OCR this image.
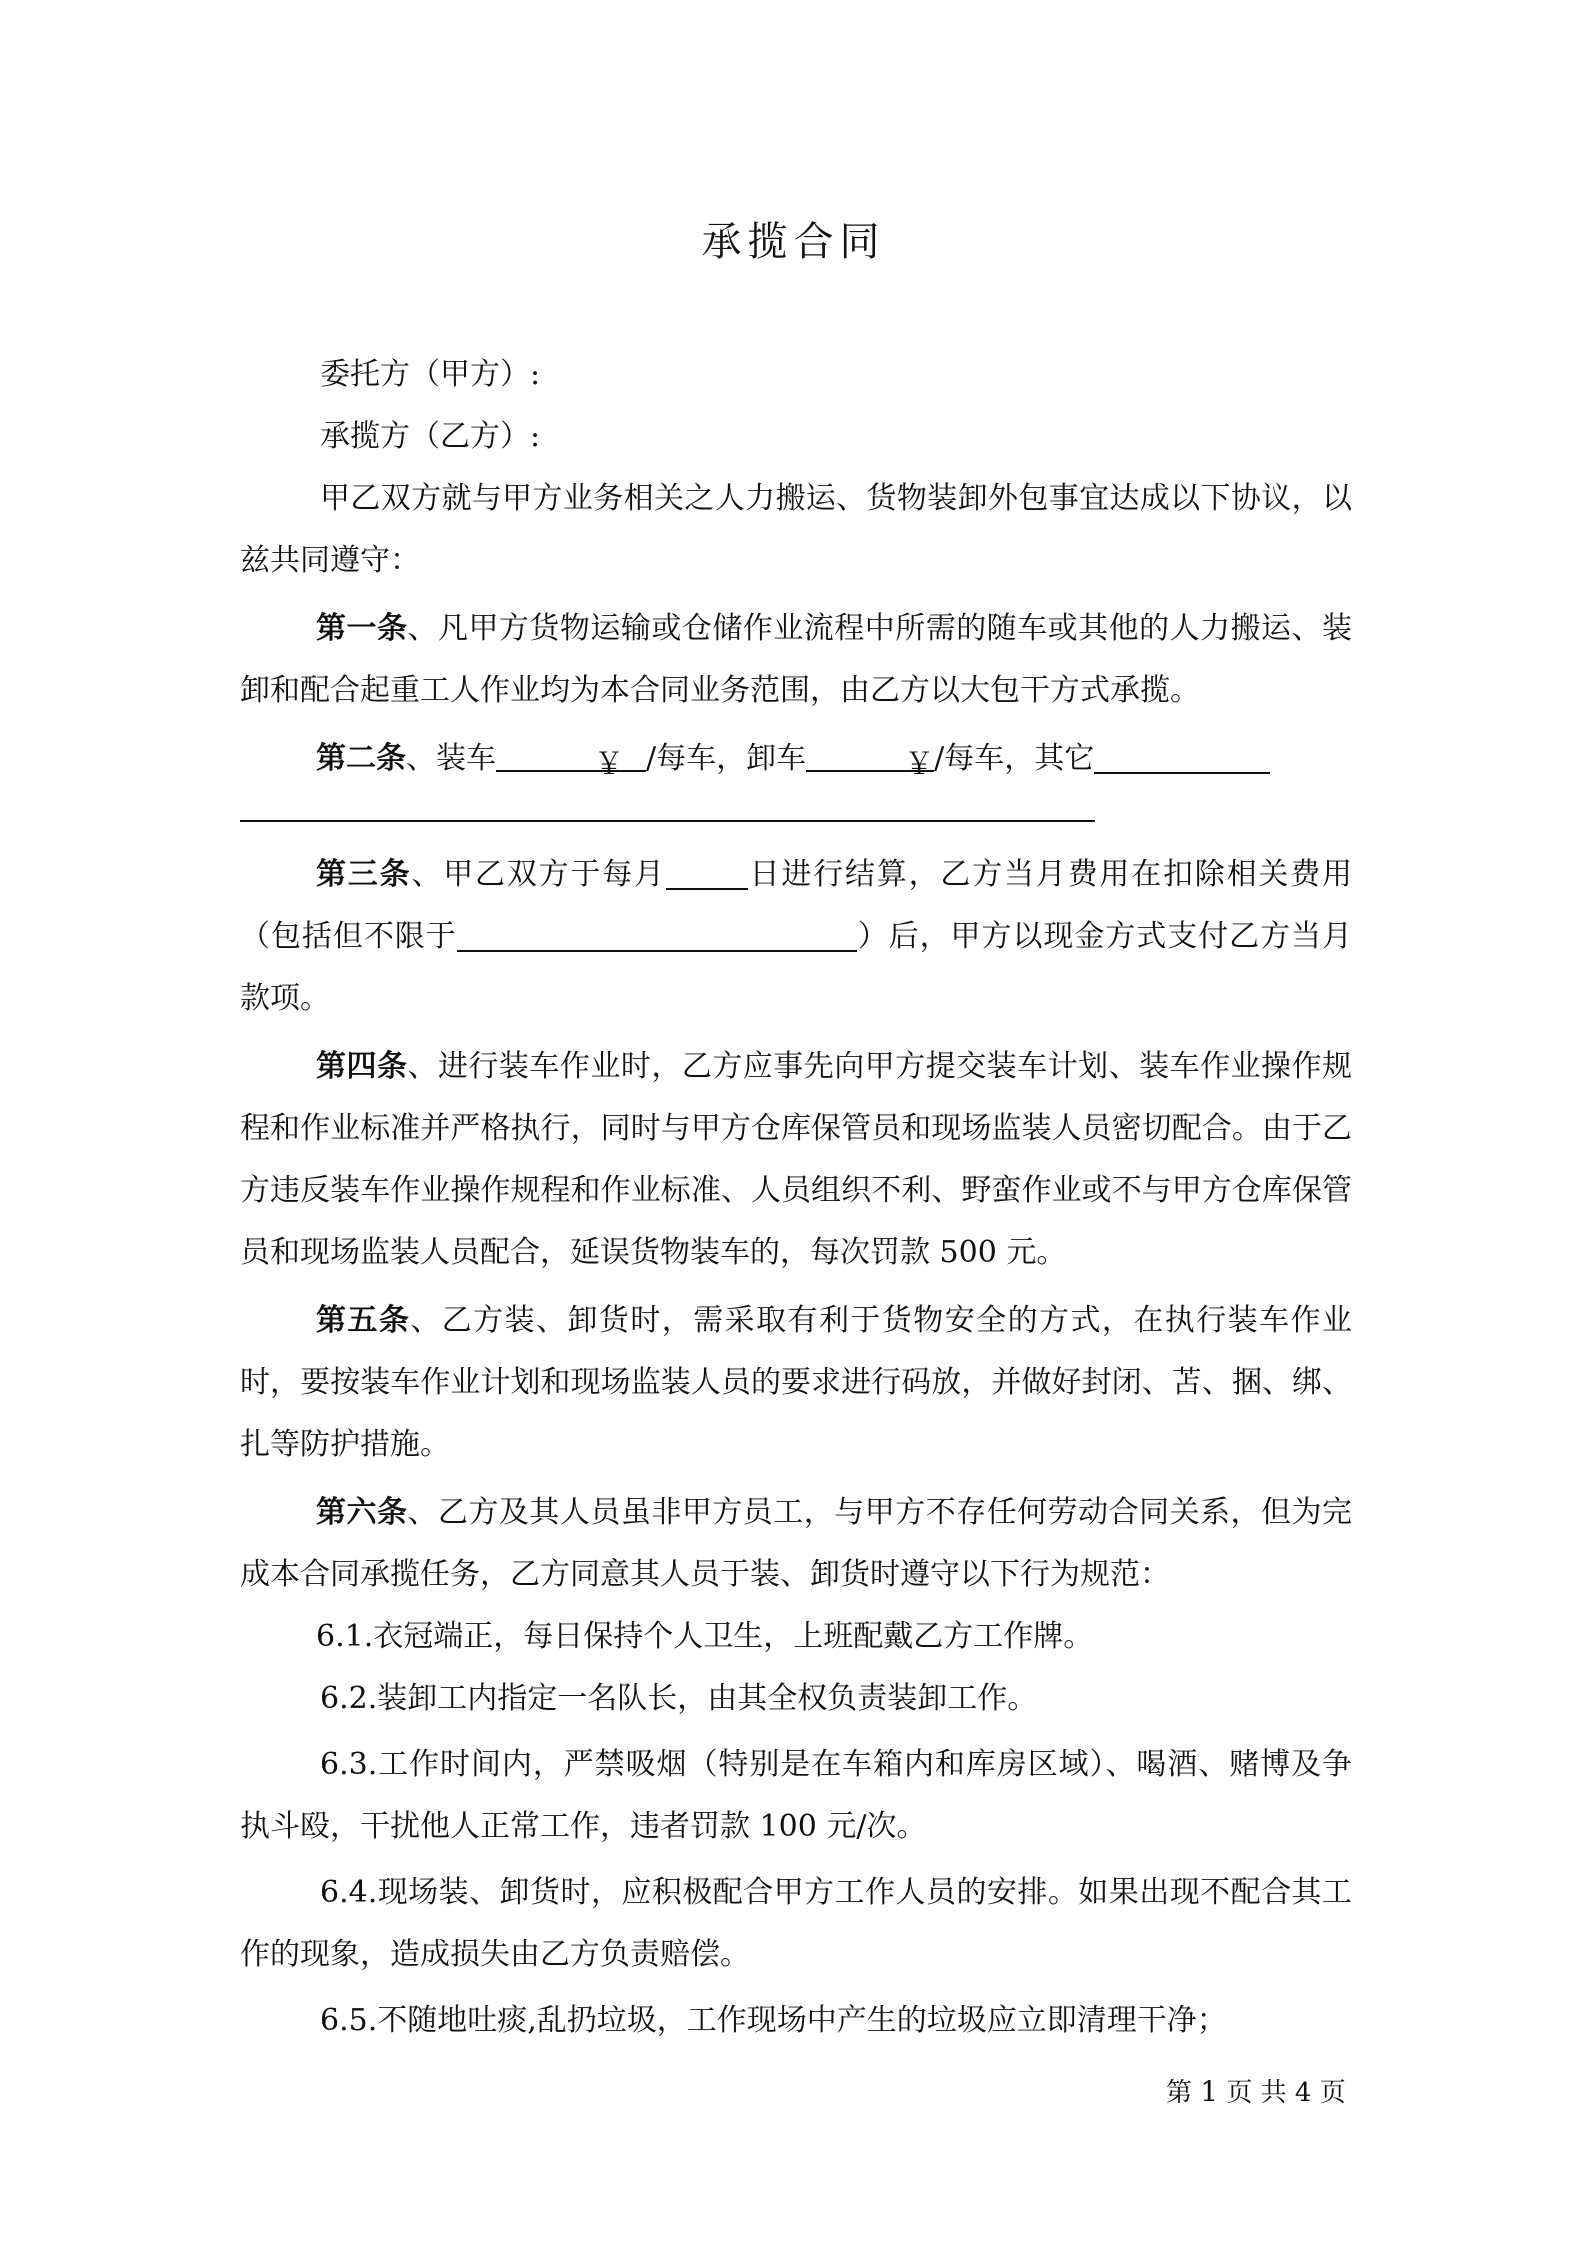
承揽合同

委托方（甲方）:

承揽方（乙方）:

甲乙双方就与甲方业务相关之人力搬运、货物装卸外包事宜达成以下协议，以兹共同遵守：

第一条、凡甲方货物运输或仓储作业流程中所需的随车或其他的人力搬运、装卸和配合起重工人作业均为本合同业务范围，由乙方以大包干方式承揽。

第二条、装车	￥ /每车，卸车	￥/每车，其它

第三条、甲乙双方于每月	日进行结算，乙方当月费用在扣除相关费用（包括但不限于	）后，甲方以现金方式支付乙方当月款项。

第四条、进行装车作业时，乙方应事先向甲方提交装车计划、装车作业操作规程和作业标准并严格执行，同时与甲方仓库保管员和现场监装人员密切配合。由于乙方违反装车作业操作规程和作业标准、人员组织不利、野蛮作业或不与甲方仓库保管员和现场监装人员配合，延误货物装车的，每次罚款 500 元。

第五条、乙方装、卸货时，需采取有利于货物安全的方式，在执行装车作业时，要按装车作业计划和现场监装人员的要求进行码放，并做好封闭、苫、捆、绑、扎等防护措施。

第六条、乙方及其人员虽非甲方员工，与甲方不存任何劳动合同关系，但为完成本合同承揽任务，乙方同意其人员于装、卸货时遵守以下行为规范：

6.1.衣冠端正，每日保持个人卫生，上班配戴乙方工作牌。

6.2.装卸工内指定一名队长，由其全权负责装卸工作。

6.3.工作时间内，严禁吸烟（特别是在车箱内和库房区域）、喝酒、赌博及争执斗殴，干扰他人正常工作，违者罚款 100 元/次。

6.4.现场装、卸货时，应积极配合甲方工作人员的安排。如果出现不配合其工作的现象，造成损失由乙方负责赔偿。

6.5.不随地吐痰,乱扔垃圾，工作现场中产生的垃圾应立即清理干净；

第 1 页 共 4 页
